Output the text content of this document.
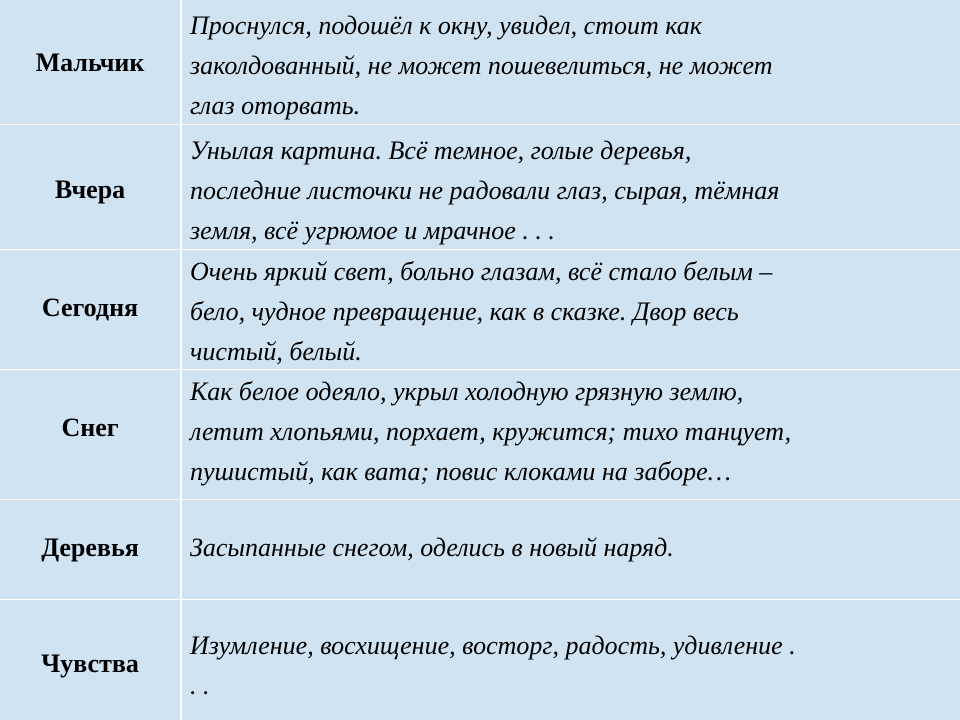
Мальчик
Проснулся, подошёл к окну, увидел, стоит как
заколдованный, не может пошевелиться, не может
глаз оторвать.
Вчера
Унылая картина. Всё темное, голые деревья,
последние листочки не радовали глаз, сырая, тёмная
земля, всё угрюмое и мрачное . . .
Сегодня
Очень яркий свет, больно глазам, всё стало белым –
бело, чудное превращение, как в сказке. Двор весь
чистый, белый.
Снег
Как белое одеяло, укрыл холодную грязную землю,
летит хлопьями, порхает, кружится; тихо танцует,
пушистый, как вата; повис клоками на заборе…
Деревья	Засыпанные снегом, оделись в новый наряд.
Чувства
Изумление, восхищение, восторг, радость, удивление .
. .
